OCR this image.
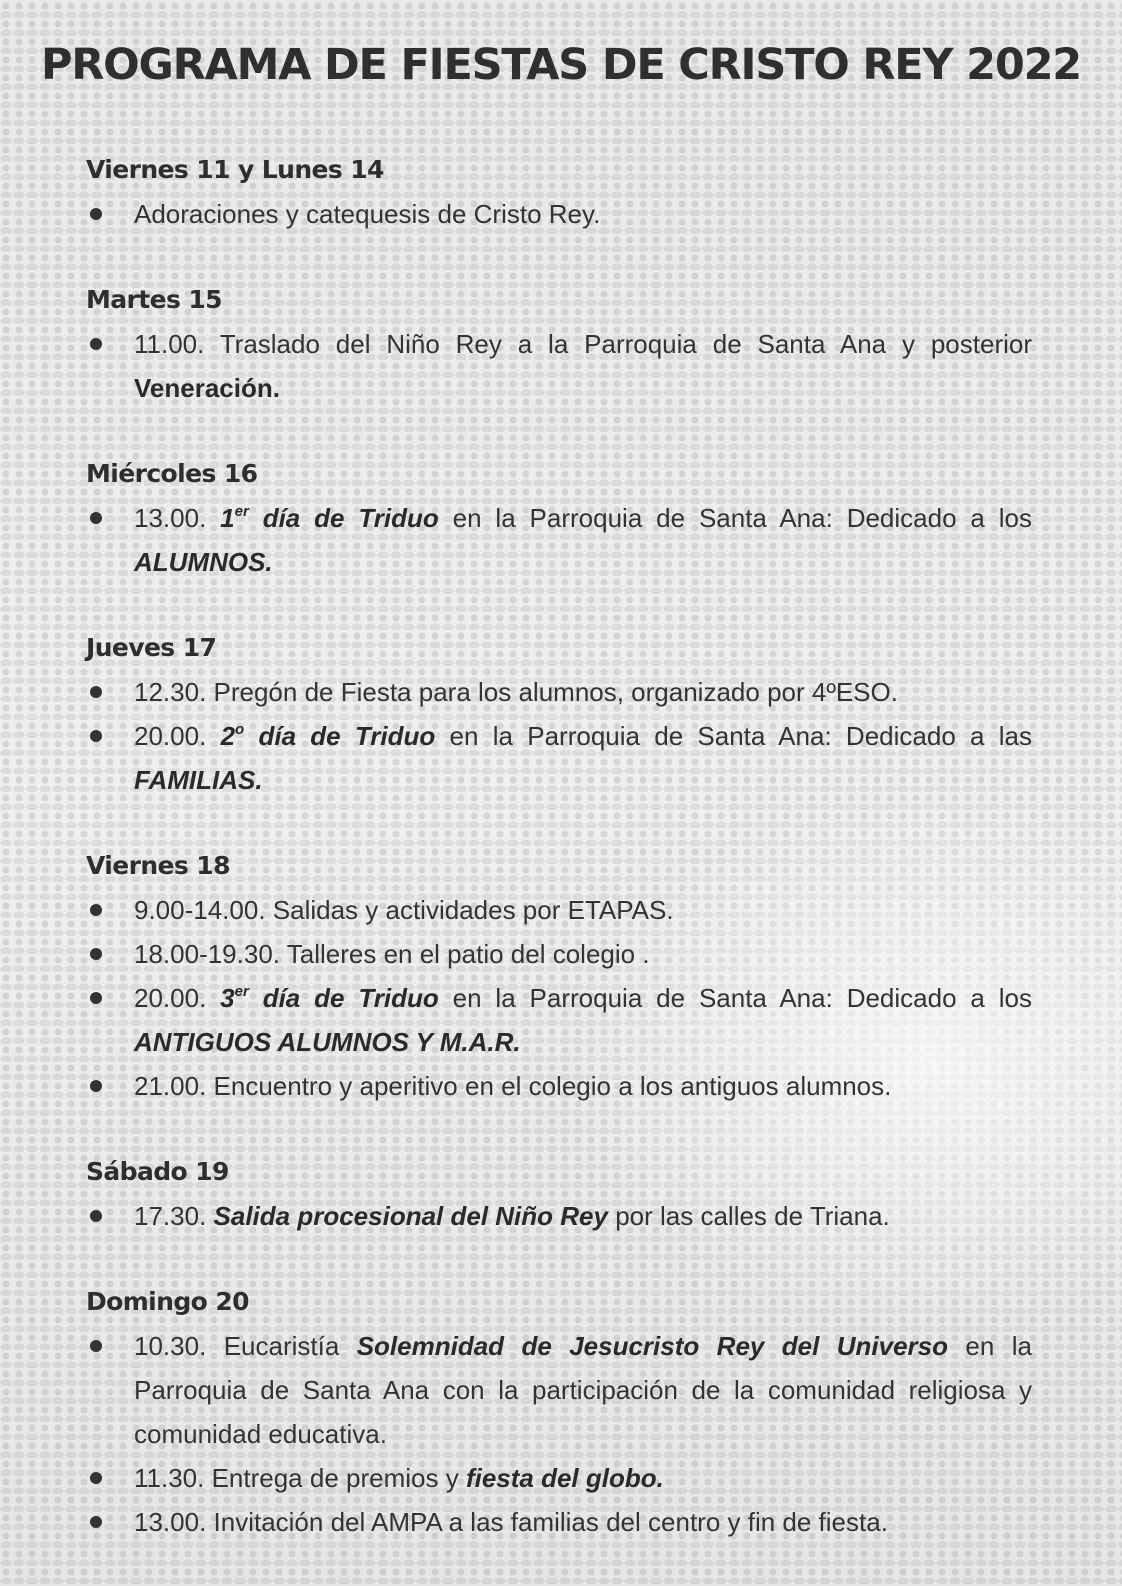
PROGRAMA DE FIESTAS DE CRISTO REY 2022
Viernes 11 y Lunes 14
Adoraciones y catequesis de Cristo Rey.
Martes 15
11.00. Traslado del Niño Rey a la Parroquia de Santa Ana y posterior Veneración.
Miércoles 16
13.00. 1er día de Triduo en la Parroquia de Santa Ana: Dedicado a los ALUMNOS.
Jueves 17
12.30. Pregón de Fiesta para los alumnos, organizado por 4ºESO.
20.00. 2$^o$ día de Triduo en la Parroquia de Santa Ana: Dedicado a las FAMILIAS.
Viernes 18
9.00-14.00. Salidas y actividades por ETAPAS.
18.00-19.30. Talleres en el patio del colegio .
20.00. 3er día de Triduo en la Parroquia de Santa Ana: Dedicado a los ANTIGUOS ALUMNOS Y M.A.R.
21.00. Encuentro y aperitivo en el colegio a los antiguos alumnos.
Sábado 19
17.30. Salida procesional del Niño Rey por las calles de Triana.
Domingo 20
10.30. Eucaristía Solemnidad de Jesucristo Rey del Universo en la Parroquia de Santa Ana con la participación de la comunidad religiosa y comunidad educativa.
11.30. Entrega de premios y fiesta del globo.
13.00. Invitación del AMPA a las familias del centro y fin de fiesta.
